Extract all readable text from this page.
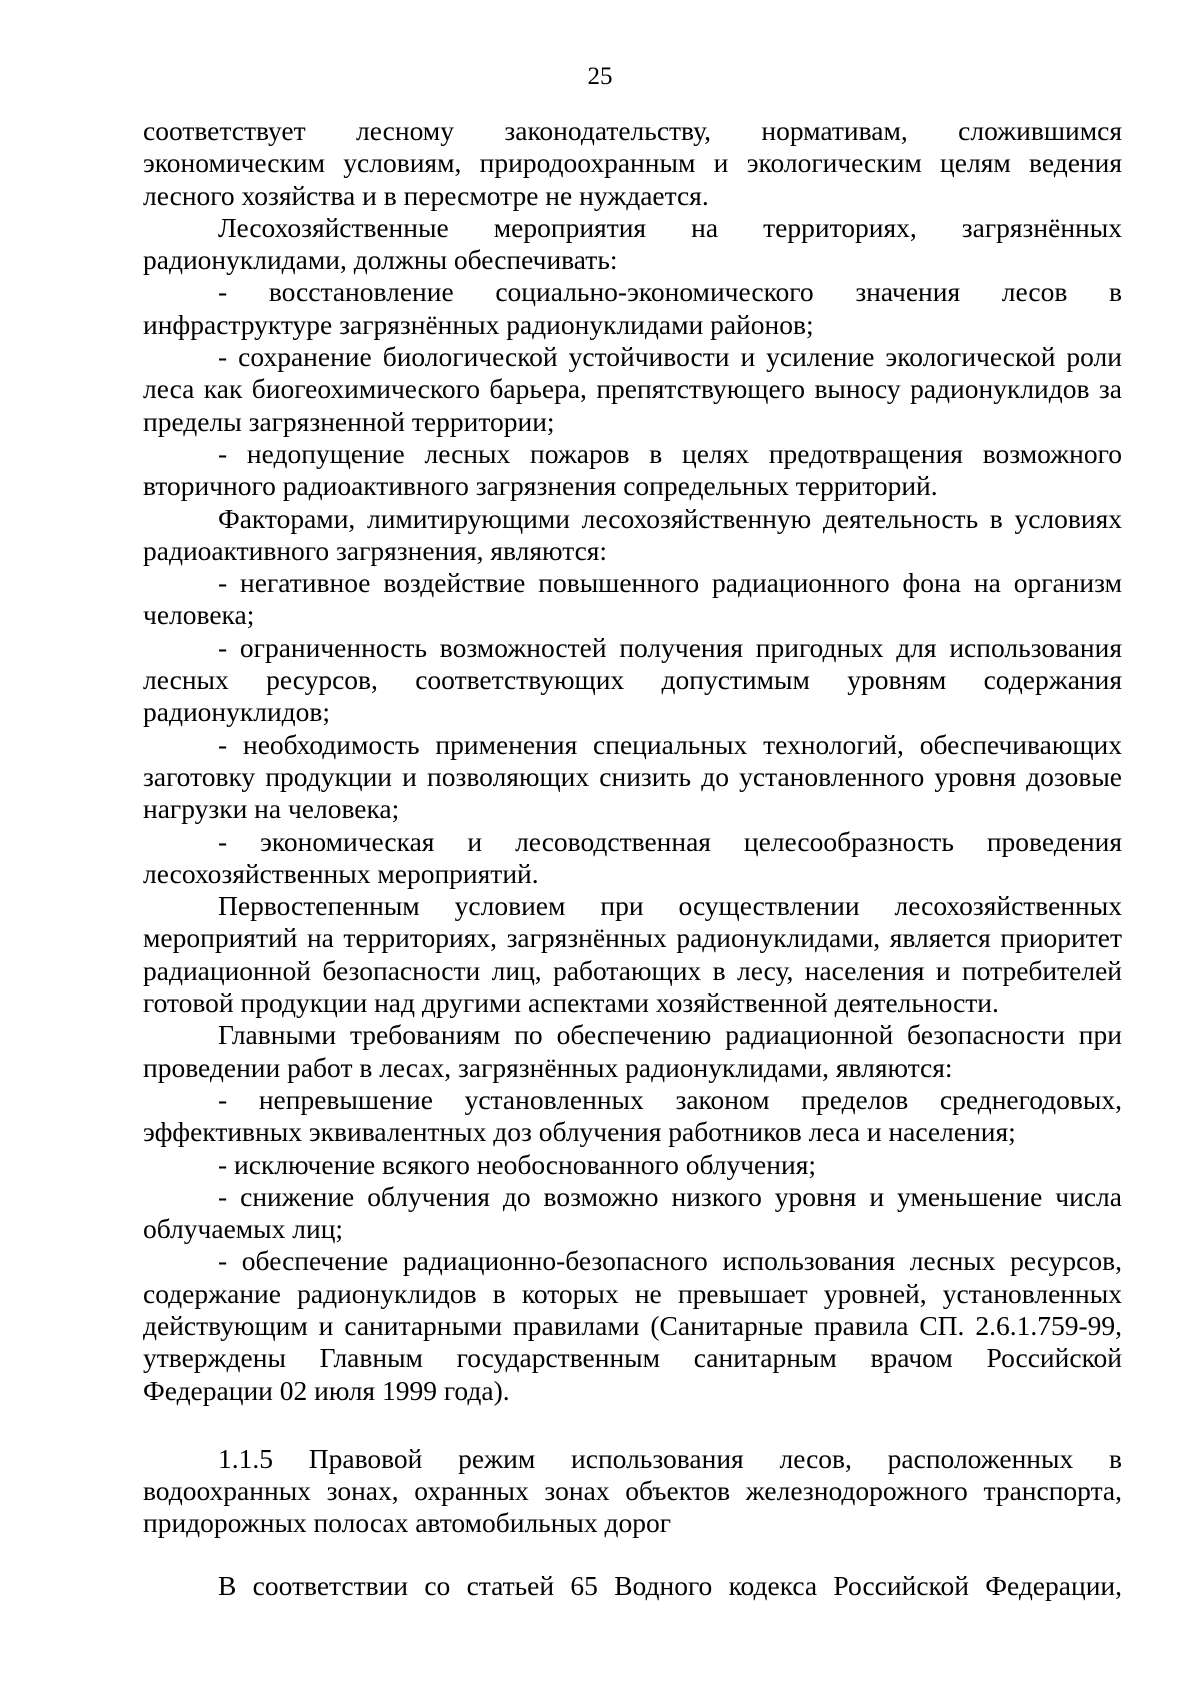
25

соответствует лесному законодательству, нормативам, сложившимся экономическим условиям, природоохранным и экологическим целям ведения лесного хозяйства и в пересмотре не нуждается.

Лесохозяйственные мероприятия на территориях, загрязнённых радионуклидами, должны обеспечивать:

- восстановление социально-экономического значения лесов в инфраструктуре загрязнённых радионуклидами районов;

- сохранение биологической устойчивости и усиление экологической роли леса как биогеохимического барьера, препятствующего выносу радионуклидов за пределы загрязненной территории;

- недопущение лесных пожаров в целях предотвращения возможного вторичного радиоактивного загрязнения сопредельных территорий.

Факторами, лимитирующими лесохозяйственную деятельность в условиях радиоактивного загрязнения, являются:

- негативное воздействие повышенного радиационного фона на организм человека;

- ограниченность возможностей получения пригодных для использования лесных ресурсов, соответствующих допустимым уровням содержания радионуклидов;

- необходимость применения специальных технологий, обеспечивающих заготовку продукции и позволяющих снизить до установленного уровня дозовые нагрузки на человека;

- экономическая и лесоводственная целесообразность проведения лесохозяйственных мероприятий.

Первостепенным условием при осуществлении лесохозяйственных мероприятий на территориях, загрязнённых радионуклидами, является приоритет радиационной безопасности лиц, работающих в лесу, населения и потребителей готовой продукции над другими аспектами хозяйственной деятельности.

Главными требованиям по обеспечению радиационной безопасности при проведении работ в лесах, загрязнённых радионуклидами, являются:

- непревышение установленных законом пределов среднегодовых, эффективных эквивалентных доз облучения работников леса и населения;

- исключение всякого необоснованного облучения;

- снижение облучения до возможно низкого уровня и уменьшение числа облучаемых лиц;

- обеспечение радиационно-безопасного использования лесных ресурсов, содержание радионуклидов в которых не превышает уровней, установленных действующим и санитарными правилами (Санитарные правила СП. 2.6.1.759-99, утверждены Главным государственным санитарным врачом Российской Федерации 02 июля 1999 года).

1.1.5 Правовой режим использования лесов, расположенных в водоохранных зонах, охранных зонах объектов железнодорожного транспорта, придорожных полосах автомобильных дорог

В соответствии со статьей 65 Водного кодекса Российской Федерации,
